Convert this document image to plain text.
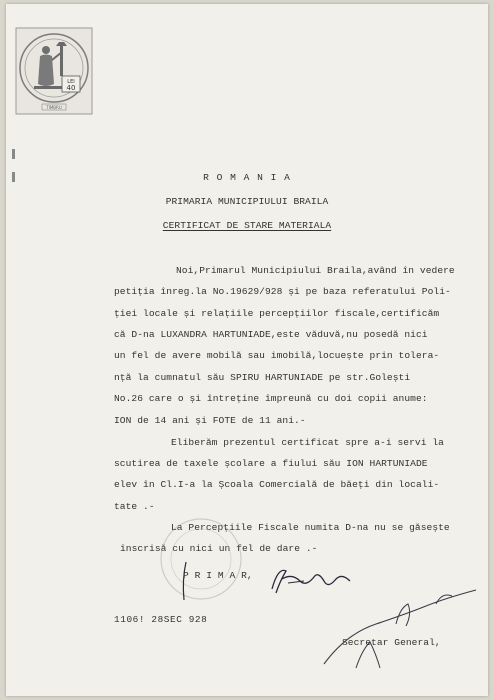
LEI
40
TIMBRU
R O M A N I A
PRIMARIA MUNICIPIULUI BRAILA
CERTIFICAT DE STARE MATERIALA
Noi,Primarul Municipiului Braila,având în vedere
petiția înreg.la No.19629/928 și pe baza referatului Poli-
ției locale și relațiile percepțiilor fiscale,certificăm
că D-na LUXANDRA HARTUNIADE,este văduvă,nu posedă nici
un fel de avere mobilă sau imobilă,locuește prin tolera-
nță la cumnatul său SPIRU HARTUNIADE pe str.Golești
No.26 care o și întreține împreună cu doi copii anume:
ION de 14 ani și FOTE de 11 ani.-
Eliberăm prezentul certificat spre a-i servi la
scutirea de taxele școlare a fiului său ION HARTUNIADE
elev în Cl.I-a la Școala Comercială de băeți din locali-
tate .-
La Percepțiile Fiscale numita D-na nu se găsește
înscrisă cu nici un fel de dare .-
P R I M A R,
1106! 28SEC 928
Secretar General,
